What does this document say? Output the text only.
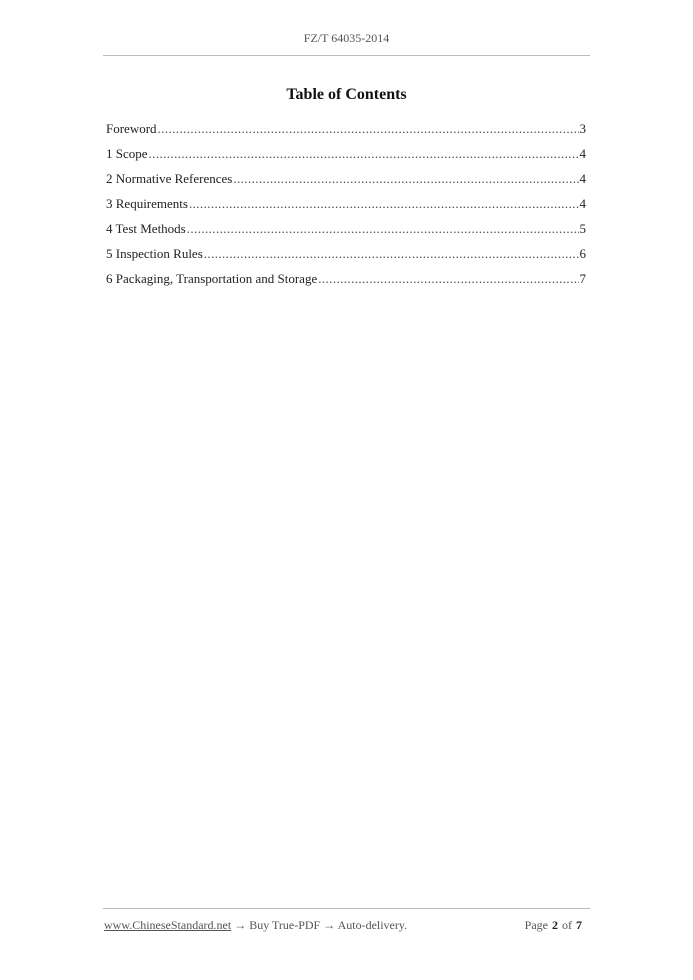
FZ/T 64035-2014
Table of Contents
Foreword .....	3
1 Scope .....	4
2 Normative References .....	4
3 Requirements .....	4
4 Test Methods .....	5
5 Inspection Rules .....	6
6 Packaging, Transportation and Storage .....	7
www.ChineseStandard.net → Buy True-PDF → Auto-delivery.	Page 2 of 7
